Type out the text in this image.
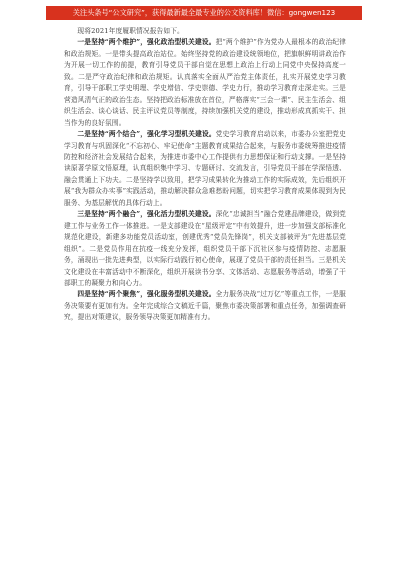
关注头条号“公文研究”，获得最新最全最专业的公文资料库！微信：gongwen123

现将2021年度履职情况报告如下。

一是坚持“两个维护”，强化政治型机关建设。把“两个维护”作为党办人最根本的政治纪律和政治规矩。一是带头提高政治站位。始终坚持党的政治建设统领地位，把旗帜鲜明讲政治作为开展一切工作的前提，教育引导党员干部自觉在思想上政治上行动上同党中央保持高度一致。二是严守政治纪律和政治规矩。认真落实全面从严治党主体责任，扎实开展党史学习教育，引导干部职工学史明理、学史增信、学史崇德、学史力行，推动学习教育走深走实。三是营造风清气正的政治生态。坚持把政治标准放在首位，严格落实“三会一课”、民主生活会、组织生活会、谈心谈话、民主评议党员等制度，持续加强机关党的建设，推动形成真抓实干、担当作为的良好氛围。

二是坚持“两个结合”，强化学习型机关建设。党史学习教育启动以来，市委办公室把党史学习教育与巩固深化“不忘初心、牢记使命”主题教育成果结合起来，与服务市委统筹推进疫情防控和经济社会发展结合起来，为推进市委中心工作提供有力思想保证和行动支撑。一是坚持读原著学原文悟原理，认真组织集中学习、专题研讨、交流发言，引导党员干部在学深悟透、融会贯通上下功夫。二是坚持学以致用，把学习成果转化为推动工作的实际成效，先后组织开展“我为群众办实事”实践活动，推动解决群众急难愁盼问题，切实把学习教育成果体现到为民服务、为基层解忧的具体行动上。

三是坚持“两个融合”，强化活力型机关建设。深化“忠诚担当”融合党建品牌建设，做到党建工作与业务工作一体推进。一是支部建设在“星级评定”中有效提升，进一步加强支部标准化规范化建设，新建多功能党员活动室，创建优秀“党员先锋岗”，机关支部被评为“先进基层党组织”。二是党员作用在抗疫一线充分发挥，组织党员干部下沉社区参与疫情防控、志愿服务，涌现出一批先进典型，以实际行动践行初心使命，展现了党员干部的责任担当。三是机关文化建设在丰富活动中不断深化，组织开展读书分享、文体活动、志愿服务等活动，增强了干部职工的凝聚力和向心力。

四是坚持“两个聚焦”，强化服务型机关建设。全力服务决战“过万亿”等重点工作，一是服务决策要有更加有为。全年完成综合文稿近千篇，聚焦市委决策部署和重点任务，加强调查研究，提出对策建议，服务领导决策更加精准有力。
